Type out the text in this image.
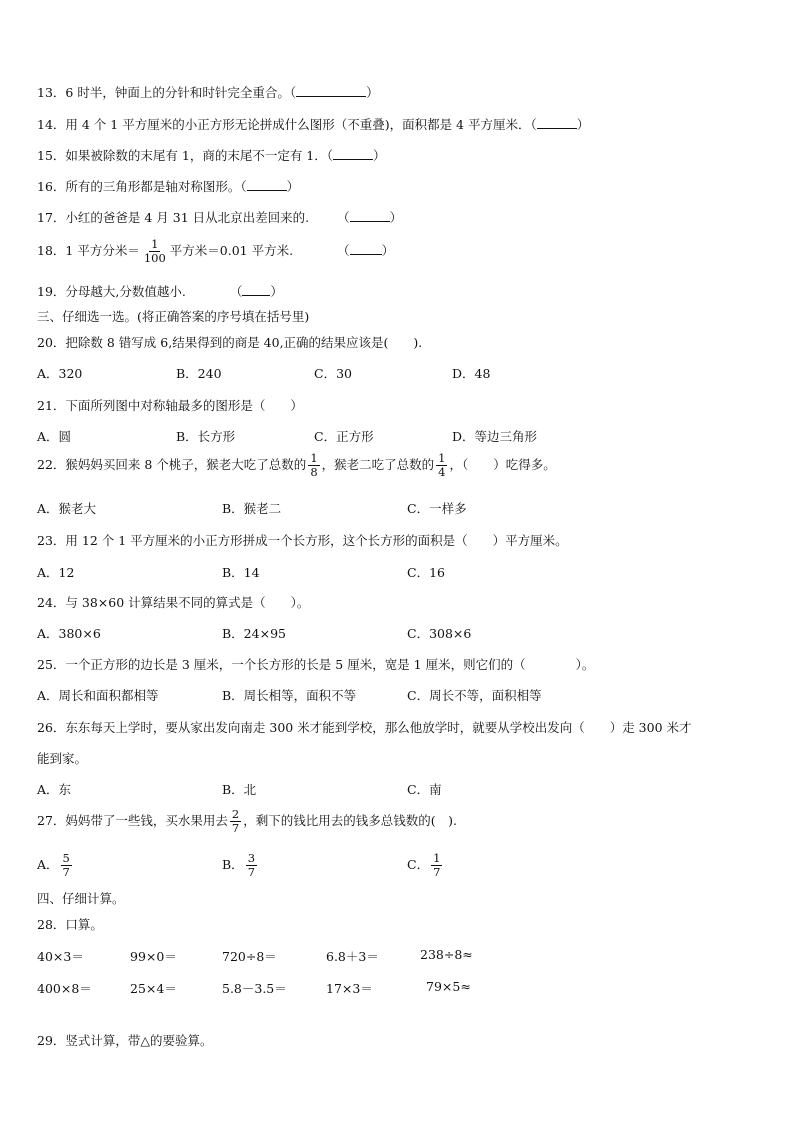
13．6 时半，钟面上的分针和时针完全重合。（	）
14．用 4 个 1 平方厘米的小正方形无论拼成什么图形（不重叠)，面积都是 4 平方厘米．（	）
15．如果被除数的末尾有 1，商的末尾不一定有 1．（	）
16．所有的三角形都是轴对称图形。（	）
17．小红的爸爸是 4 月 31 日从北京出差回来的. （	）
18．1 平方分米＝ $\frac{1}{100}$ 平方米＝0.01 平方米.	（	）
19．分母越大,分数值越小.	（ ）
三、仔细选一选。(将正确答案的序号填在括号里)
20．把除数 8 错写成 6,结果得到的商是 40,正确的结果应该是(　　).
A．320	B．240	C．30	D．48
21．下面所列图中对称轴最多的图形是（　　）
A．圆	B．长方形	C．正方形	D．等边三角形
22．猴妈妈买回来 8 个桃子，猴老大吃了总数的 $\frac{1}{8}$ ，猴老二吃了总数的 $\frac{1}{4}$ ，（　　）吃得多。
A．猴老大	B．猴老二	C．一样多
23．用 12 个 1 平方厘米的小正方形拼成一个长方形，这个长方形的面积是（　　）平方厘米。
A．12	B．14	C．16
24．与 38×60 计算结果不同的算式是（　　）。
A．380×6	B．24×95	C．308×6
25．一个正方形的边长是 3 厘米，一个长方形的长是 5 厘米，宽是 1 厘米，则它们的（　　　　）。
A．周长和面积都相等	B．周长相等，面积不等	C．周长不等，面积相等
26．东东每天上学时，要从家出发向南走 300 米才能到学校，那么他放学时，就要从学校出发向（　　）走 300 米才
能到家。
A．东	B．北	C．南
27．妈妈带了一些钱，买水果用去 $\frac{2}{7}$ ，剩下的钱比用去的钱多总钱数的(　).
A． $\frac{5}{7}$	B． $\frac{3}{7}$	C． $\frac{1}{7}$
四、仔细计算。
28．口算。
40×3＝	99×0＝	720÷8＝	6.8＋3＝	238÷8≈
400×8＝	25×4＝	5.8－3.5＝	17×3＝	79×5≈
29．竖式计算，带△的要验算。
